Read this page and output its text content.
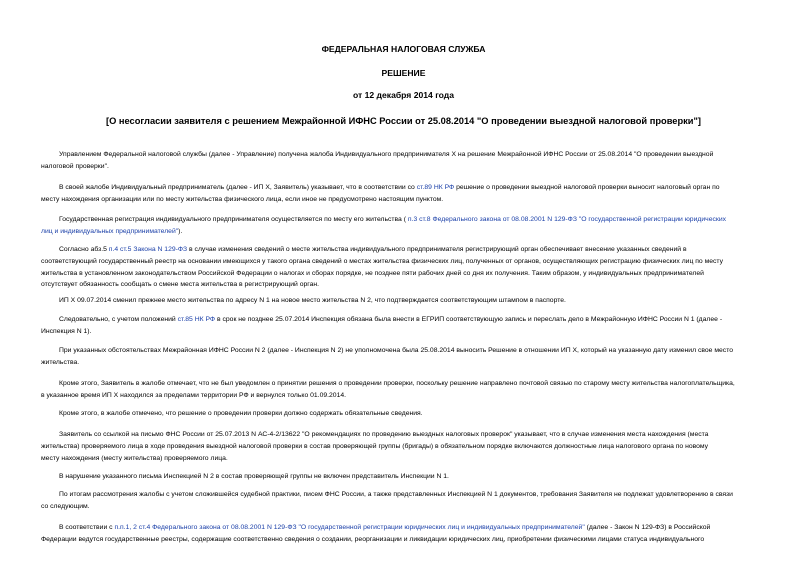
ФЕДЕРАЛЬНАЯ НАЛОГОВАЯ СЛУЖБА

РЕШЕНИЕ

от 12 декабря 2014 года

[О несогласии заявителя с решением Межрайонной ИФНС России от 25.08.2014 "О проведении выездной налоговой проверки"]

Управлением Федеральной налоговой службы (далее - Управление) получена жалоба Индивидуального предпринимателя Х на решение Межрайонной ИФНС России от 25.08.2014 "О проведении выездной
налоговой проверки".
В своей жалобе Индивидуальный предприниматель (далее - ИП Х, Заявитель) указывает, что в соответствии со ст.89 НК РФ решение о проведении выездной налоговой проверки выносит налоговый орган по
месту нахождения организации или по месту жительства физического лица, если иное не предусмотрено настоящим пунктом.
Государственная регистрация индивидуального предпринимателя осуществляется по месту его жительства ( п.3 ст.8 Федерального закона от 08.08.2001 N 129-ФЗ "О государственной регистрации юридических
лиц и индивидуальных предпринимателей").
Согласно абз.5 п.4 ст.5 Закона N 129-ФЗ в случае изменения сведений о месте жительства индивидуального предпринимателя регистрирующий орган обеспечивает внесение указанных сведений в
соответствующий государственный реестр на основании имеющихся у такого органа сведений о местах жительства физических лиц, полученных от органов, осуществляющих регистрацию физических лиц по месту
жительства в установленном законодательством Российской Федерации о налогах и сборах порядке, не позднее пяти рабочих дней со дня их получения. Таким образом, у индивидуальных предпринимателей
отсутствует обязанность сообщать о смене места жительства в регистрирующий орган.
ИП Х 09.07.2014 сменил прежнее место жительства по адресу N 1 на новое место жительства N 2, что подтверждается соответствующим штампом в паспорте.
Следовательно, с учетом положений ст.85 НК РФ в срок не позднее 25.07.2014 Инспекция обязана была внести в ЕГРИП соответствующую запись и переслать дело в Межрайонную ИФНС России N 1 (далее -
Инспекция N 1).
При указанных обстоятельствах Межрайонная ИФНС России N 2 (далее - Инспекция N 2) не уполномочена была 25.08.2014 выносить Решение в отношении ИП Х, который на указанную дату изменил свое место
жительства.
Кроме этого, Заявитель в жалобе отмечает, что не был уведомлен о принятии решения о проведении проверки, поскольку решение направлено почтовой связью по старому месту жительства налогоплательщика,
в указанное время ИП Х находился за пределами территории РФ и вернулся только 01.09.2014.
Кроме этого, в жалобе отмечено, что решение о проведении проверки должно содержать обязательные сведения.
Заявитель со ссылкой на письмо ФНС России от 25.07.2013 N АС-4-2/13622 "О рекомендациях по проведению выездных налоговых проверок" указывает, что в случае изменения места нахождения (места
жительства) проверяемого лица в ходе проведения выездной налоговой проверки в состав проверяющей группы (бригады) в обязательном порядке включаются должностные лица налогового органа по новому
месту нахождения (месту жительства) проверяемого лица.
В нарушение указанного письма Инспекцией N 2 в состав проверяющей группы не включен представитель Инспекции N 1.
По итогам рассмотрения жалобы с учетом сложившейся судебной практики, писем ФНС России, а также представленных Инспекцией N 1 документов, требования Заявителя не подлежат удовлетворению в связи
со следующим.
В соответствии с п.п.1, 2 ст.4 Федерального закона от 08.08.2001 N 129-ФЗ "О государственной регистрации юридических лиц и индивидуальных предпринимателей" (далее - Закон N 129-ФЗ) в Российской
Федерации ведутся государственные реестры, содержащие соответственно сведения о создании, реорганизации и ликвидации юридических лиц, приобретении физическими лицами статуса индивидуального
